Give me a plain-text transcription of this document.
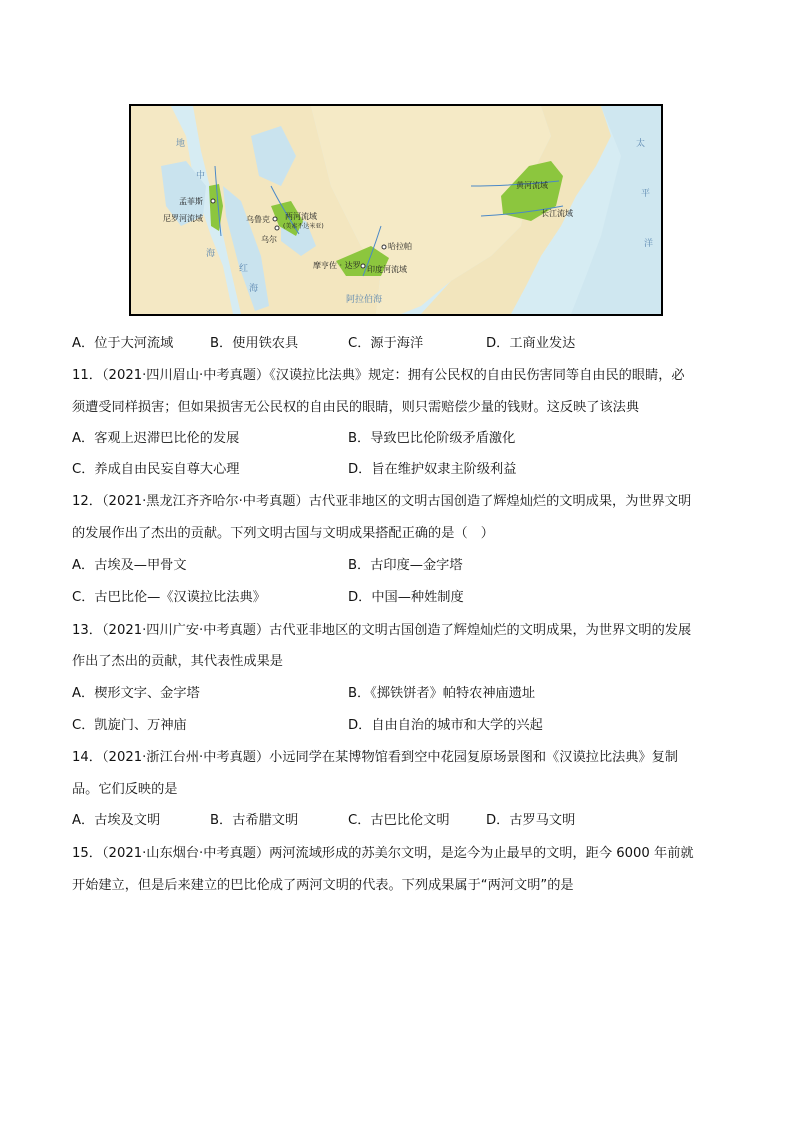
孟菲斯
尼罗河流域	乌鲁克
乌尔
两河流域
(美索不达米亚)
哈拉帕
摩亨佐 · 达罗 印度河流域
黄河流域
长江流域
地
中
海
红
海
阿拉伯海
太
平
洋
A．位于大河流域	B．使用铁农具	C．源于海洋	D．工商业发达
11．（2021·四川眉山·中考真题）《汉谟拉比法典》规定：拥有公民权的自由民伤害同等自由民的眼睛，必
须遭受同样损害；但如果损害无公民权的自由民的眼睛，则只需赔偿少量的钱财。这反映了该法典
A．客观上迟滞巴比伦的发展	B．导致巴比伦阶级矛盾激化
C．养成自由民妄自尊大心理	D．旨在维护奴隶主阶级利益
12．（2021·黑龙江齐齐哈尔·中考真题）古代亚非地区的文明古国创造了辉煌灿烂的文明成果，为世界文明
的发展作出了杰出的贡献。下列文明古国与文明成果搭配正确的是（　）
A．古埃及—甲骨文	B．古印度—金字塔
C．古巴比伦—《汉谟拉比法典》	D．中国—种姓制度
13．（2021·四川广安·中考真题）古代亚非地区的文明古国创造了辉煌灿烂的文明成果，为世界文明的发展
作出了杰出的贡献，其代表性成果是
A．楔形文字、金字塔	B．《掷铁饼者》帕特农神庙遗址
C．凯旋门、万神庙	D．自由自治的城市和大学的兴起
14．（2021·浙江台州·中考真题）小远同学在某博物馆看到空中花园复原场景图和《汉谟拉比法典》复制
品。它们反映的是
A．古埃及文明	B．古希腊文明	C．古巴比伦文明	D．古罗马文明
15．（2021·山东烟台·中考真题）两河流域形成的苏美尔文明，是迄今为止最早的文明，距今 6000 年前就
开始建立，但是后来建立的巴比伦成了两河文明的代表。下列成果属于“两河文明”的是
